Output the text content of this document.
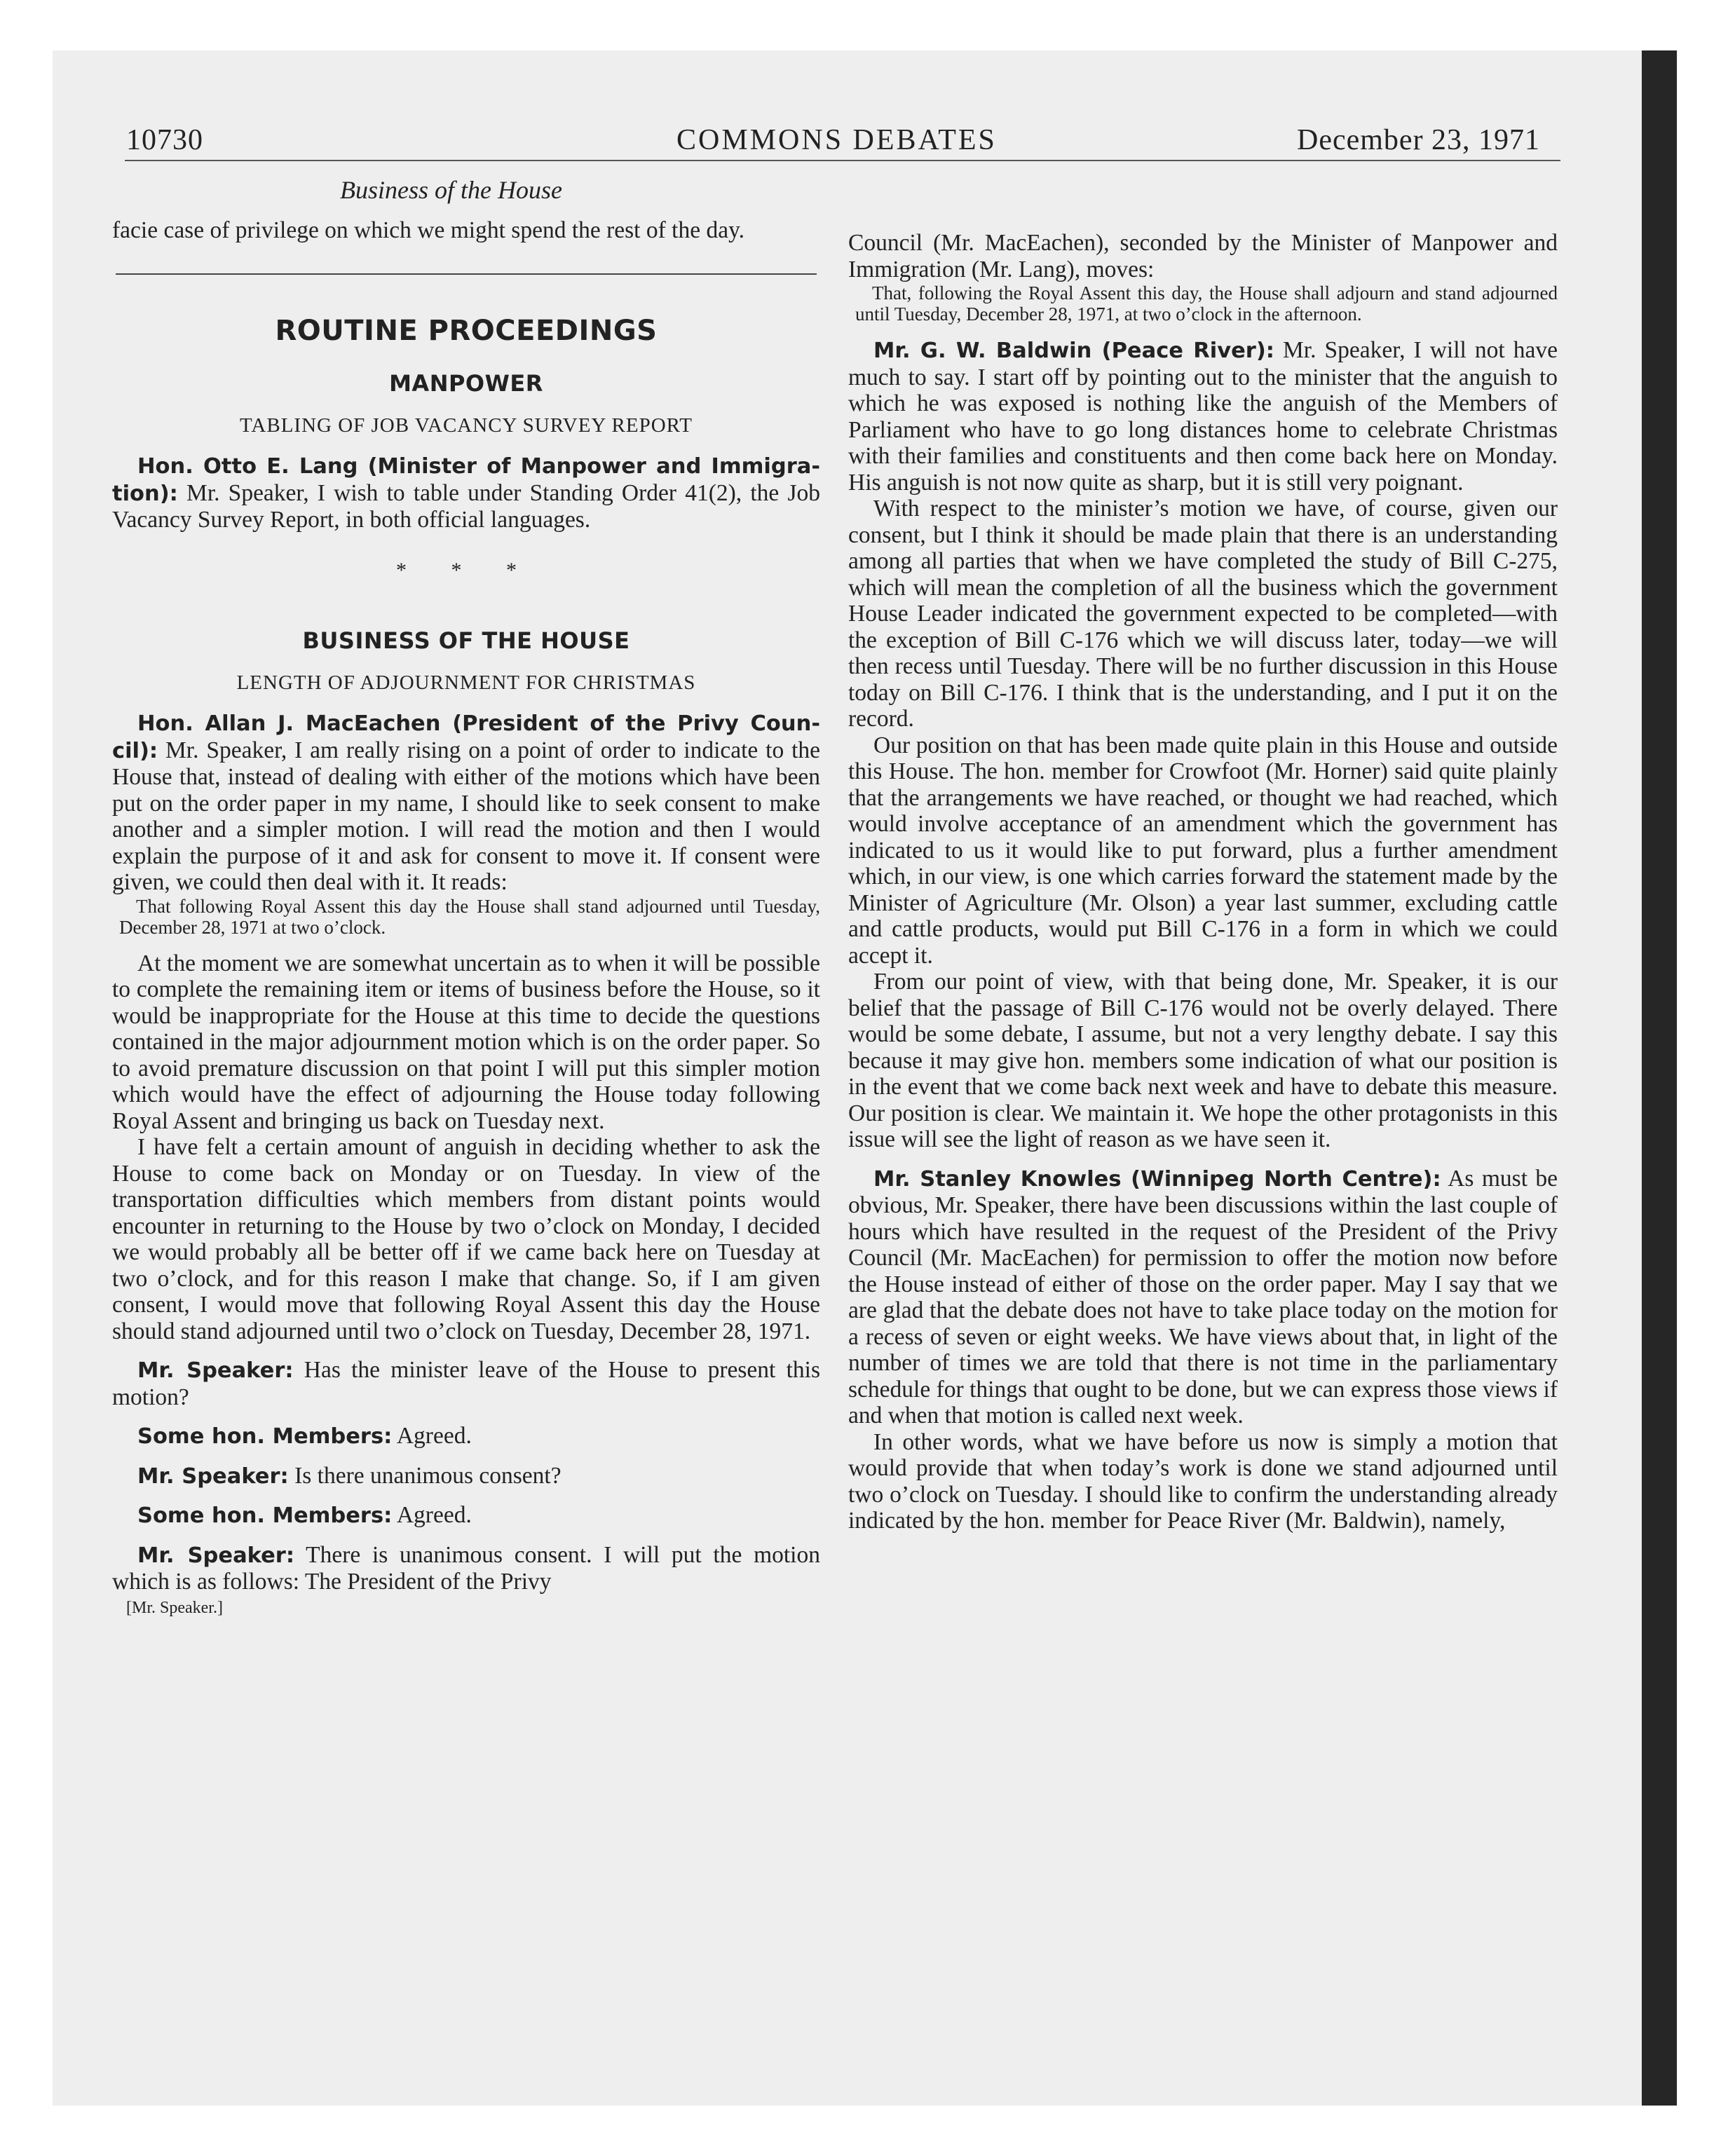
10730	COMMONS DEBATES	December 23, 1971
Business of the House

facie case of privilege on which we might spend the rest of the day.

ROUTINE PROCEEDINGS
MANPOWER
TABLING OF JOB VACANCY SURVEY REPORT

Hon. Otto E. Lang (Minister of Manpower and Immigration): Mr. Speaker, I wish to table under Standing Order 41(2), the Job Vacancy Survey Report, in both official languages.

* * *
BUSINESS OF THE HOUSE
LENGTH OF ADJOURNMENT FOR CHRISTMAS

Hon. Allan J. MacEachen (President of the Privy Council): Mr. Speaker, I am really rising on a point of order to indicate to the House that, instead of dealing with either of the motions which have been put on the order paper in my name, I should like to seek consent to make another and a simpler motion. I will read the motion and then I would explain the purpose of it and ask for consent to move it. If consent were given, we could then deal with it. It reads:

That following Royal Assent this day the House shall stand adjourned until Tuesday, December 28, 1971 at two o’clock.

At the moment we are somewhat uncertain as to when it will be possible to complete the remaining item or items of business before the House, so it would be inappropriate for the House at this time to decide the questions contained in the major adjournment motion which is on the order paper. So to avoid premature discussion on that point I will put this simpler motion which would have the effect of adjourning the House today following Royal Assent and bringing us back on Tuesday next.

I have felt a certain amount of anguish in deciding whether to ask the House to come back on Monday or on Tuesday. In view of the transportation difficulties which members from distant points would encounter in returning to the House by two o’clock on Monday, I decided we would probably all be better off if we came back here on Tuesday at two o’clock, and for this reason I make that change. So, if I am given consent, I would move that following Royal Assent this day the House should stand adjourned until two o’clock on Tuesday, December 28, 1971.

Mr. Speaker: Has the minister leave of the House to present this motion?

Some hon. Members: Agreed.

Mr. Speaker: Is there unanimous consent?

Some hon. Members: Agreed.

Mr. Speaker: There is unanimous consent. I will put the motion which is as follows: The President of the Privy

[Mr. Speaker.]

Council (Mr. MacEachen), seconded by the Minister of Manpower and Immigration (Mr. Lang), moves:

That, following the Royal Assent this day, the House shall adjourn and stand adjourned until Tuesday, December 28, 1971, at two o’clock in the afternoon.

Mr. G. W. Baldwin (Peace River): Mr. Speaker, I will not have much to say. I start off by pointing out to the minister that the anguish to which he was exposed is nothing like the anguish of the Members of Parliament who have to go long distances home to celebrate Christmas with their families and constituents and then come back here on Monday. His anguish is not now quite as sharp, but it is still very poignant.

With respect to the minister’s motion we have, of course, given our consent, but I think it should be made plain that there is an understanding among all parties that when we have completed the study of Bill C-275, which will mean the completion of all the business which the government House Leader indicated the government expected to be completed—with the exception of Bill C-176 which we will discuss later, today—we will then recess until Tuesday. There will be no further discussion in this House today on Bill C-176. I think that is the understanding, and I put it on the record.

Our position on that has been made quite plain in this House and outside this House. The hon. member for Crowfoot (Mr. Horner) said quite plainly that the arrangements we have reached, or thought we had reached, which would involve acceptance of an amendment which the government has indicated to us it would like to put forward, plus a further amendment which, in our view, is one which carries forward the statement made by the Minister of Agriculture (Mr. Olson) a year last summer, excluding cattle and cattle products, would put Bill C-176 in a form in which we could accept it.

From our point of view, with that being done, Mr. Speaker, it is our belief that the passage of Bill C-176 would not be overly delayed. There would be some debate, I assume, but not a very lengthy debate. I say this because it may give hon. members some indication of what our position is in the event that we come back next week and have to debate this measure. Our position is clear. We maintain it. We hope the other protagonists in this issue will see the light of reason as we have seen it.

Mr. Stanley Knowles (Winnipeg North Centre): As must be obvious, Mr. Speaker, there have been discussions within the last couple of hours which have resulted in the request of the President of the Privy Council (Mr. MacEachen) for permission to offer the motion now before the House instead of either of those on the order paper. May I say that we are glad that the debate does not have to take place today on the motion for a recess of seven or eight weeks. We have views about that, in light of the number of times we are told that there is not time in the parliamentary schedule for things that ought to be done, but we can express those views if and when that motion is called next week.

In other words, what we have before us now is simply a motion that would provide that when today’s work is done we stand adjourned until two o’clock on Tuesday. I should like to confirm the understanding already indicated by the hon. member for Peace River (Mr. Baldwin), namely,
